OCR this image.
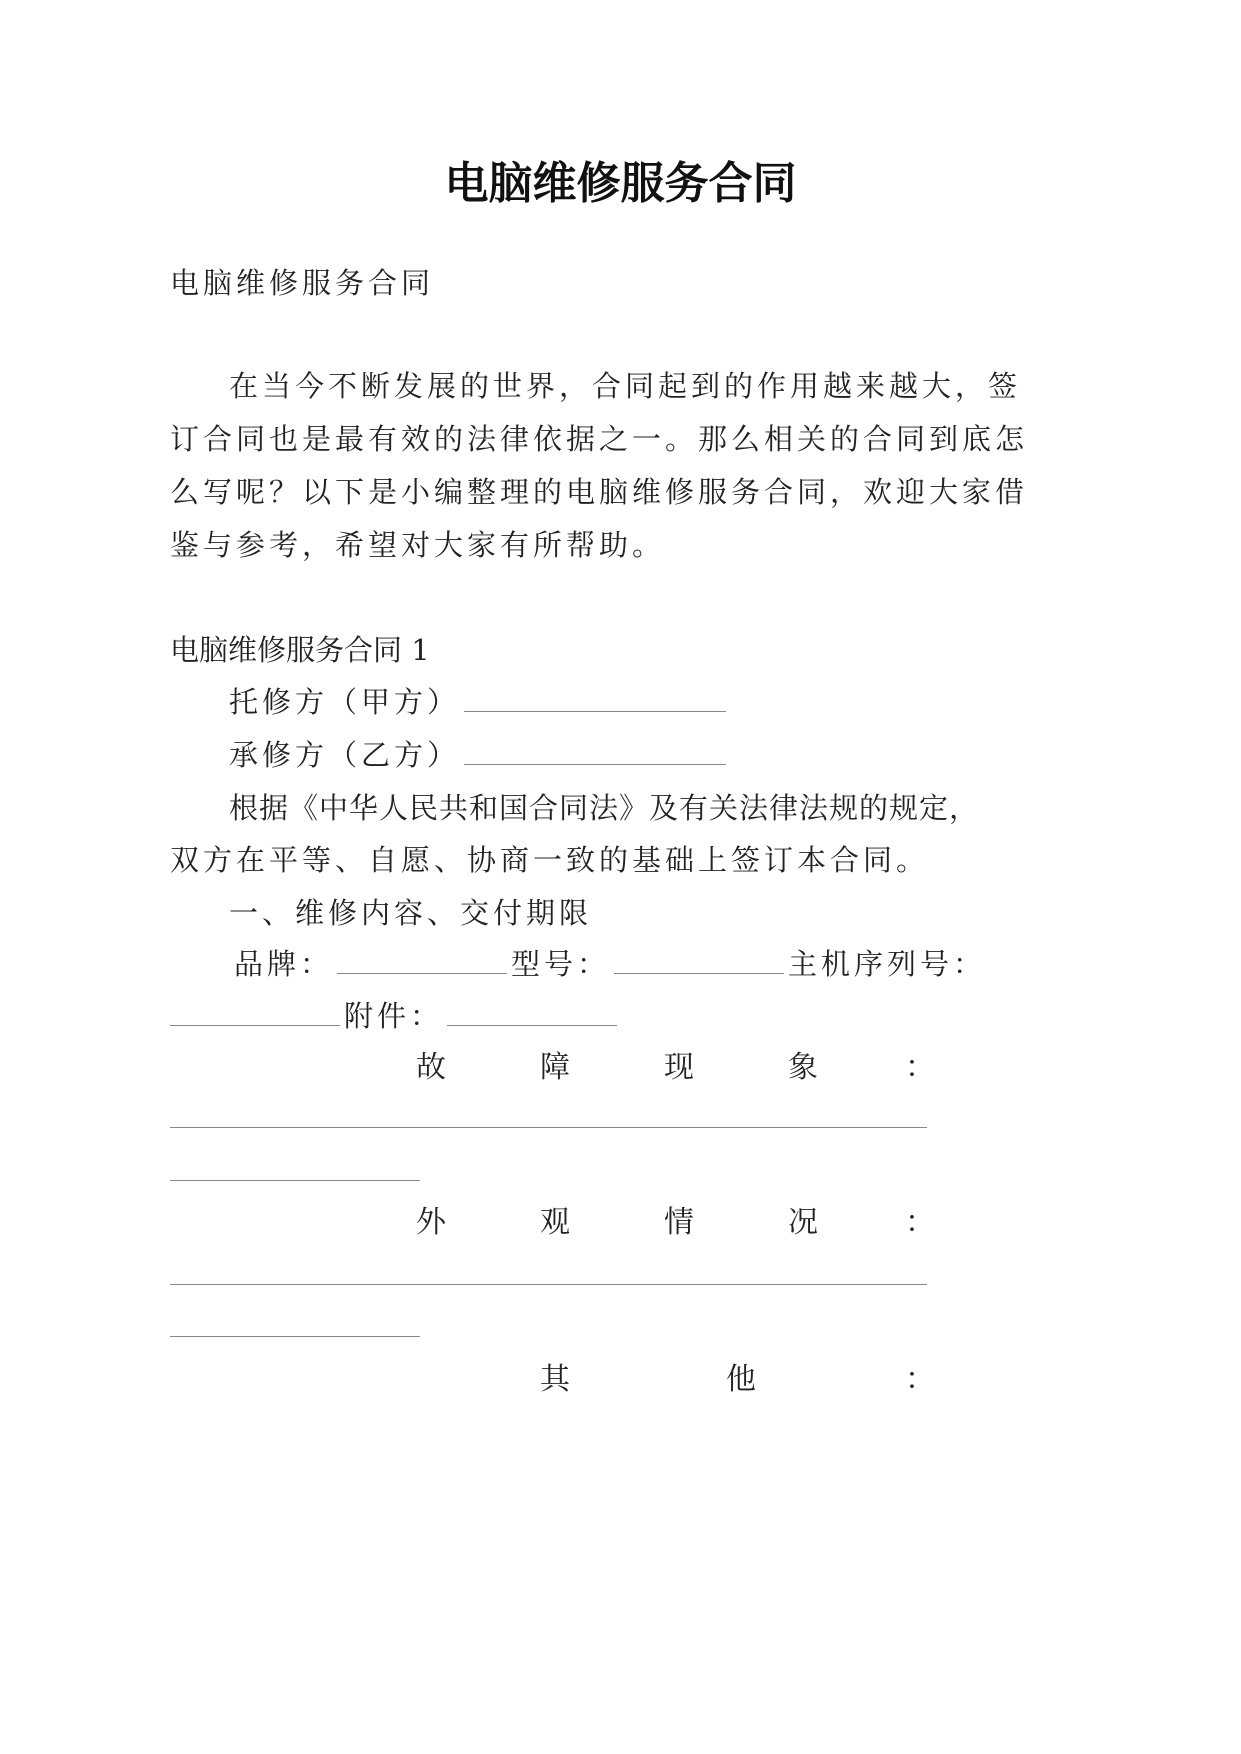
电脑维修服务合同
电脑维修服务合同
在当今不断发展的世界，合同起到的作用越来越大，签
订合同也是最有效的法律依据之一。那么相关的合同到底怎
么写呢？以下是小编整理的电脑维修服务合同，欢迎大家借
鉴与参考，希望对大家有所帮助。
电脑维修服务合同 1
托修方（甲方）
承修方（乙方）
根据《中华人民共和国合同法》及有关法律法规的规定，
双方在平等、自愿、协商一致的基础上签订本合同。
一、维修内容、交付期限
品牌：	型号：	主机序列号：
附件：
故	障	现	象	：
外	观	情	况	：
其	他	：
